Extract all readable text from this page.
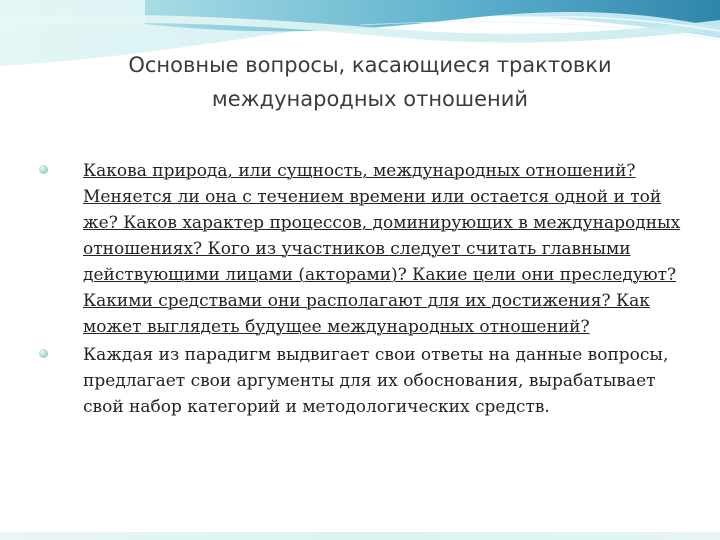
Основные вопросы, касающиеся трактовки
международных отношений

Какова природа, или сущность, международных отношений? Меняется ли она с течением времени или остается одной и той же? Каков характер процессов, доминирующих в международных отношениях? Кого из участников следует считать главными действующими лицами (акторами)? Какие цели они преследуют? Какими средствами они располагают для их достижения? Как может выглядеть будущее международных отношений?

Каждая из парадигм выдвигает свои ответы на данные вопросы, предлагает свои аргументы для их обоснования, вырабатывает свой набор категорий и методологических средств.
